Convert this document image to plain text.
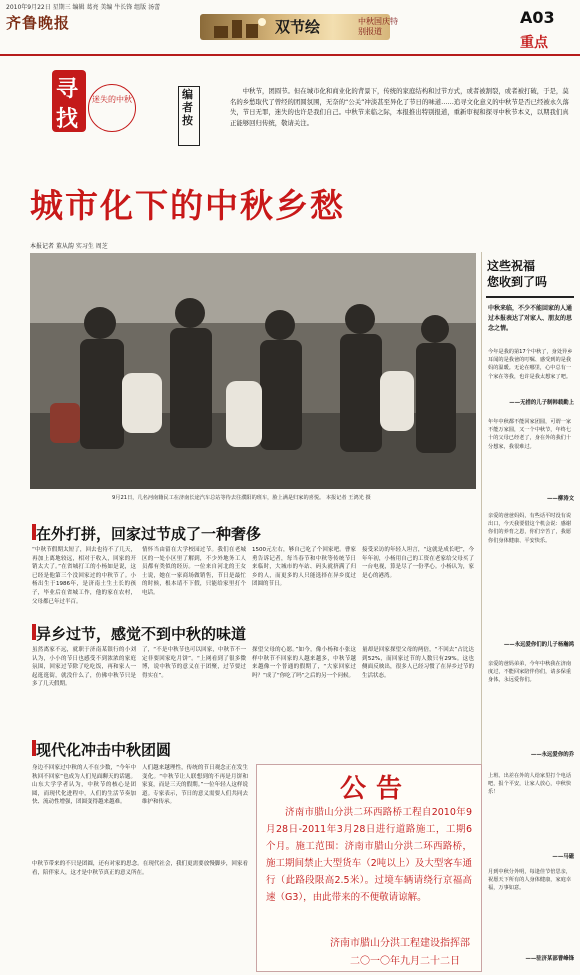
2010年9月22日 星期三 编辑 葛亮 美编 牛长锋 组版 汤蕾
齐鲁晚报	双节绘	中秋国庆特别报道
A03
重点
寻
找
迷失的中秋	编者按
中秋节，团圆节。但在城市化和商业化的背景下，传统的家庭结构和过节方式，或者被割裂，或者被打破，于是，莫名的乡愁取代了曾经的团圆氛围，无奈的“公关”冲淡甚至异化了节日的味道……追寻文化意义的中秋节是否已经被永久落失，节日无罪，迷失的也许是我们自己。中秋节来临之际，本报推出特别报道，重新审视和探寻中秋节本义，以期我们真正能够回归传统，敬请关注。
城市化下的中秋乡愁
本报记者 董从韵 实习生 周芝
9月21日，几名河南籍民工在济南长途汽车总站等待去往濮阳的班车，脸上满是归家的喜悦。 本报记者 王鸿光 摄
这些祝福
您收到了吗
中秋来临，不少不能回家的人通过本报表达了对家人、朋友的思念之情。
今年是我的第17个中秋了，身处异乡耳闻的是我爸的叮嘱、感受到的是我妈的温暖。无论在哪里，心中总有一个家在等我，也许是我太想家了吧。
——无措的儿子制韩载勤上
年年中秋都不能回家团圆，可谓一家不能万家圆，又一个中秋节，年终七十的父母已经老了，身在外的我们十分想家，我很难过。
——柳涛文
亲爱的爸爸妈妈，有些话平时没有说出口，今天我要借这个机会说：感谢你们的养育之恩，你们辛苦了，我愿你们身体健康、平安快乐。
——永远爱你们的儿子杨瀚鸿
亲爱的爸妈弟弟，今年中秋我在济南度过，不能回家陪伴你们，请多保重身体，永远爱你们。
——永远爱你的乔
上班、出差在外的人给家里打个电话吧，报个平安，让家人放心，中秋快乐！
——马磁
月到中秋分外明，每逢佳节倍思亲，祝愿天下所有的人身体健康，家庭幸福，万事如意。
——驻济某部曹峰锋
在外打拼，回家过节成了一种奢侈
“中秋节假期太短了，回去也待不了几天，再加上离地较远，相对于收入，回家的开销太大了。”在省城打工的小杨如是说，这已经是他第三个没回家过的中秋节了。小杨出生于1986年，是济南土生土长的孩子，毕业后在省城工作，他的家在农村，父母都已年过半百。
情怀当由留在大学校园过节。我们在老城区的一处小区里了解到，不少外地务工人员都有类似的经历。一位来自河北的王女士说，她在一家商场做销售，节日是最忙的时候，根本请不下假，只能给家里打个电话。
1500元左右，够自己吃了个回家吧。曹家勇告诉记者，每当春节和中秋等传统节日来临时，大城市的车站、码头就挤满了归乡的人，而更多的人只能选择在异乡度过团圆的节日。
接受采访的年轻人坦言，“这就是成长吧”，今年年初，小杨用自己的工资在老家给父母买了一台电视，算是尽了一份孝心。小杨认为，家是心的港湾。
异乡过节，感觉不到中秋的味道
虽然离家不远，就职于济南某银行的小刘认为，小小的节日也感受不到浓浓的家庭氛围，回家过节除了吃吃饭，再和家人一起逛逛街，就没什么了，仿佛中秋节只是多了几天假期。
了，“不是中秋节也可以回家，中秋节不一定非要回家吃月饼”。“上网看到了很多微博，说中秋节的意义在于团聚，过节要过得实在”。
探望父母的心愿。”如今，像小杨和小张这样中秋节不回家的人越来越多，中秋节越来越像一个普通的假期了，“大家回家过吗？”成了“你吃了吗”之后的另一个问候。
量却是回家探望父母的两倍，“不回去”占比达到52%，而回家过节的人数只有29%。这也侧面反映出，很多人已经习惯了在异乡过节的生活状态。
现代化冲击中秋团圆
身边不回家过中秋的人不在少数，“今年中秋回不回家”也成为人们见面聊天的话题。山东大学学者认为，中秋节的核心是团圆，而现代化进程中，人们的生活节奏加快、流动性增强，团圆变得越来越难。
人们越来越理性，传统的节日观念正在发生变化。“中秋节让人联想到的不再是月饼和家宴，而是三天的假期。”一位年轻人这样说道。专家表示，节日的意义需要人们共同去维护和传承。
中秋节带来的不只是团圆，还有对家的思念。在现代社会，我们更需要放慢脚步，回家看看，陪伴家人，这才是中秋节真正的意义所在。
公告
济南市腊山分洪二环西路桥工程自2010年9月28日-2011年3月28日进行道路施工，工期6个月。施工范围：济南市腊山分洪二环西路桥，施工期间禁止大型货车（2吨以上）及大型客车通行（此路段限高2.5米）。过境车辆请绕行京福高速（G3），由此带来的不便敬请谅解。
济南市腊山分洪工程建设指挥部
二〇一〇年九月二十二日
